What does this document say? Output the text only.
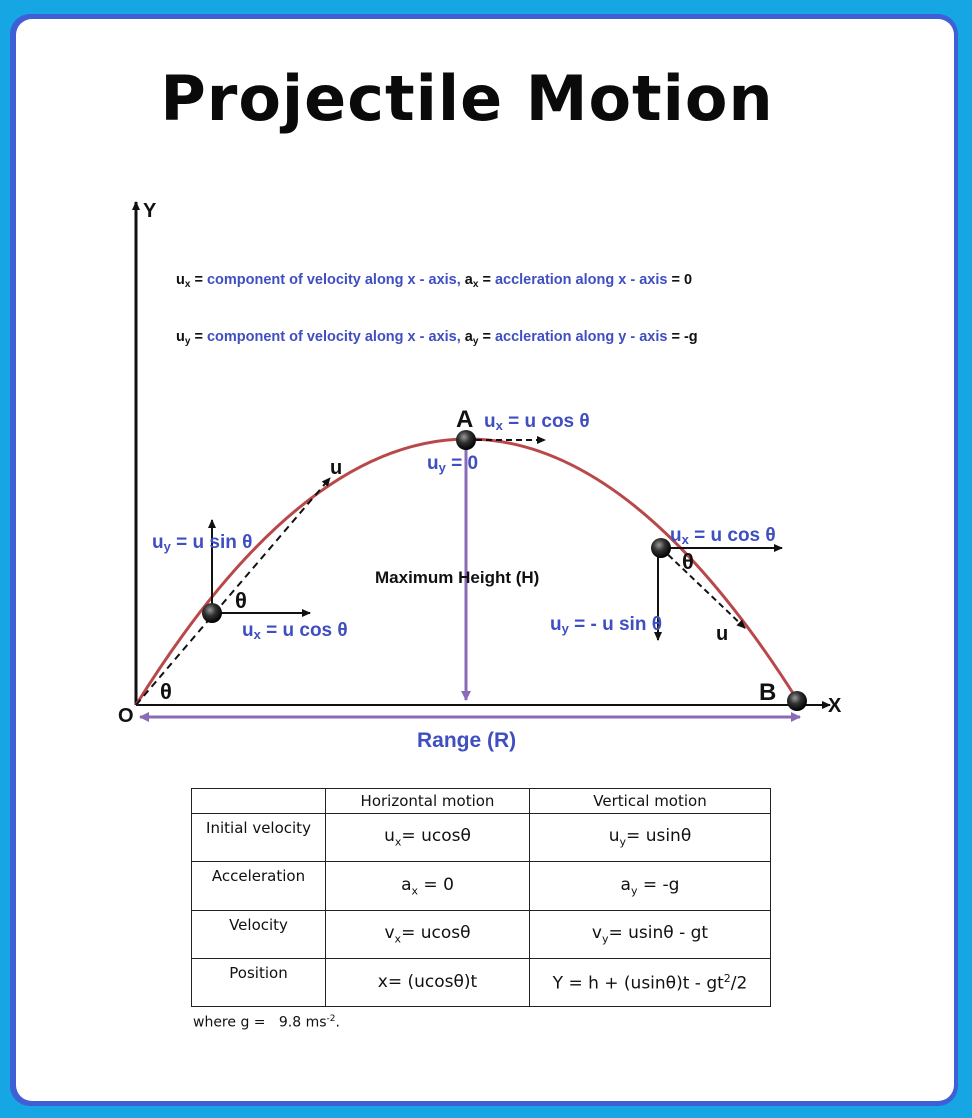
Projectile Motion
Y
X
O
$u_x$ = component of velocity along x - axis, $a_x$ = accleration along x - axis = 0
$u_y$ = component of velocity along x - axis, $a_y$ = accleration along y - axis = -g
A
B
u
u
θ
θ
θ
ux = u cos θ
uy = 0
uy = u sin θ
ux = u cos θ
ux = u cos θ
uy = - u sin θ
Maximum Height (H)
Range (R)
	Horizontal motion	Vertical motion
Initial velocity	$u_x= ucos\theta$	$u_y= usin\theta$
Acceleration	$a_x = 0$	$a_y = -g$
Velocity	$v_x= ucos\theta$	$v_y= usin\theta$ - gt
Position	x= (ucosθ)t	$Y = h + (usin\theta)t - gt^2/2$
where g =   9.8 $ms^{-2}$.
